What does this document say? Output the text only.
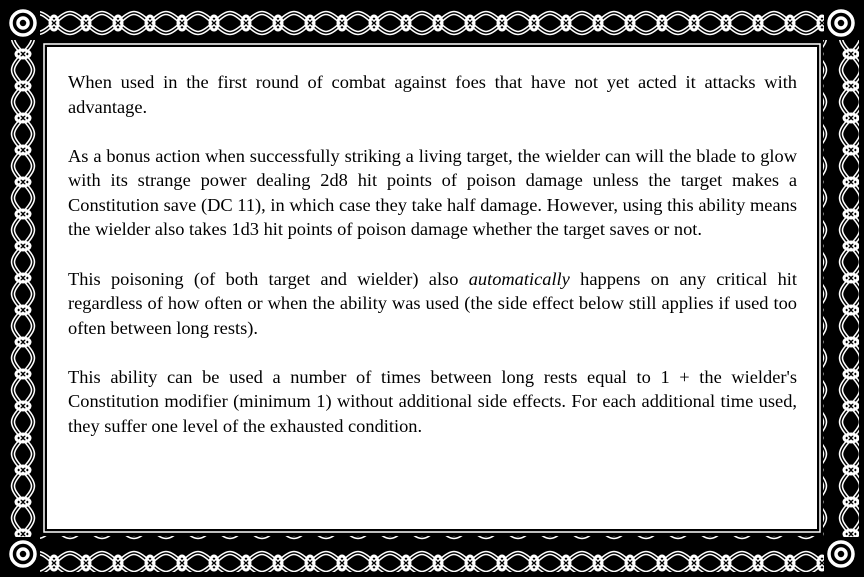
When used in the first round of combat against foes that have not yet acted it attacks with advantage.

As a bonus action when successfully striking a living target, the wielder can will the blade to glow with its strange power dealing 2d8 hit points of poison damage unless the target makes a Constitution save (DC 11), in which case they take half damage. However, using this ability means the wielder also takes 1d3 hit points of poison damage whether the target saves or not.

This poisoning (of both target and wielder) also automatically happens on any critical hit regardless of how often or when the ability was used (the side effect below still applies if used too often between long rests).

This ability can be used a number of times between long rests equal to 1 + the wielder's Constitution modifier (minimum 1) without additional side effects. For each additional time used, they suffer one level of the exhausted condition.
